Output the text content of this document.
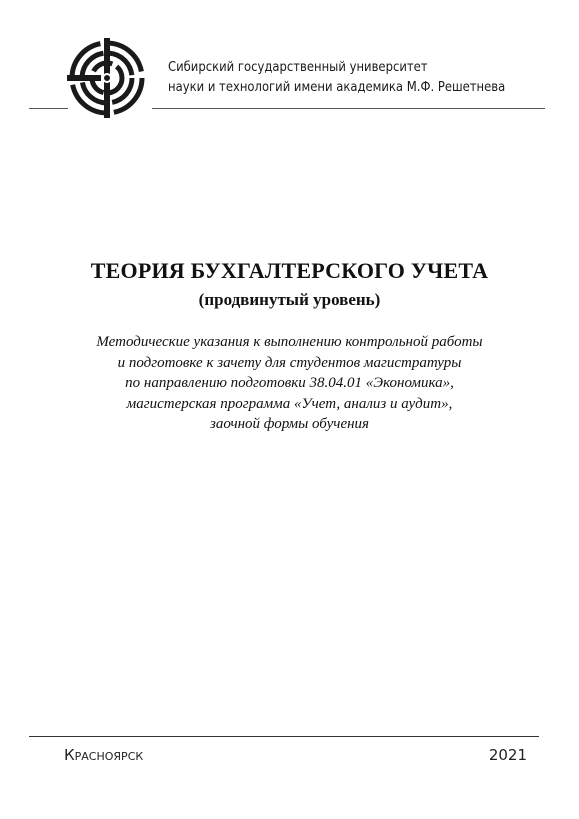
Сибирский государственный университет
науки и технологий имени академика М.Ф. Решетнева
ТЕОРИЯ БУХГАЛТЕРСКОГО УЧЕТА
(продвинутый уровень)
Методические указания к выполнению контрольной работы
и подготовке к зачету для студентов магистратуры
по направлению подготовки 38.04.01 «Экономика»,
магистерская программа «Учет, анализ и аудит»,
заочной формы обучения
Красноярск	2021
